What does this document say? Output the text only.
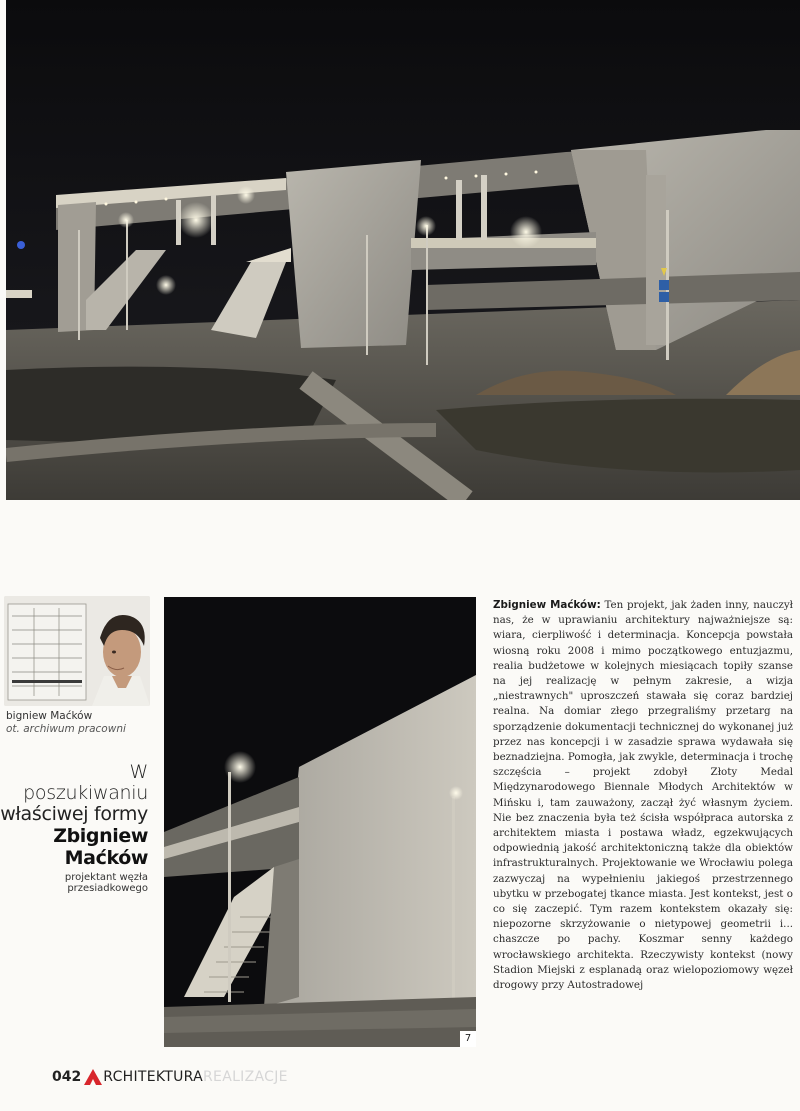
bigniew Maćków
ot. archiwum pracowni
W poszukiwaniu
właściwej formy
Zbigniew Maćków
projektant węzła przesiadkowego
7

Zbigniew Maćków: Ten projekt, jak żaden inny, nauczył nas, że w uprawianiu architektury najważniejsze są: wiara, cierpliwość i determinacja. Koncepcja powstała wiosną roku 2008 i mimo początkowego entuzjazmu, realia budżetowe w kolejnych miesiącach topiły szanse na jej realizację w pełnym zakresie, a wizja „niestrawnych" uproszczeń stawała się coraz bardziej realna. Na domiar złego przegraliśmy przetarg na sporządzenie dokumentacji technicznej do wykonanej już przez nas koncepcji i w zasadzie sprawa wydawała się beznadziejna. Pomogła, jak zwykle, determinacja i trochę szczęścia – projekt zdobył Złoty Medal Międzynarodowego Biennale Młodych Architektów w Mińsku i, tam zauważony, zaczął żyć własnym życiem. Nie bez znaczenia była też ścisła współpraca autorska z architektem miasta i postawa władz, egzekwujących odpowiednią jakość architektoniczną także dla obiektów infrastrukturalnych. Projektowanie we Wrocławiu polega zazwyczaj na wypełnieniu jakiegoś przestrzennego ubytku w przebogatej tkance miasta. Jest kontekst, jest o co się zaczepić. Tym razem kontekstem okazały się: niepozorne skrzyżowanie o nietypowej geometrii i... chaszcze po pachy. Koszmar senny każdego wrocławskiego architekta. Rzeczywisty kontekst (nowy Stadion Miejski z esplanadą oraz wielopoziomowy węzeł drogowy przy Autostradowej

042 RCHITEKTURA REALIZACJE
